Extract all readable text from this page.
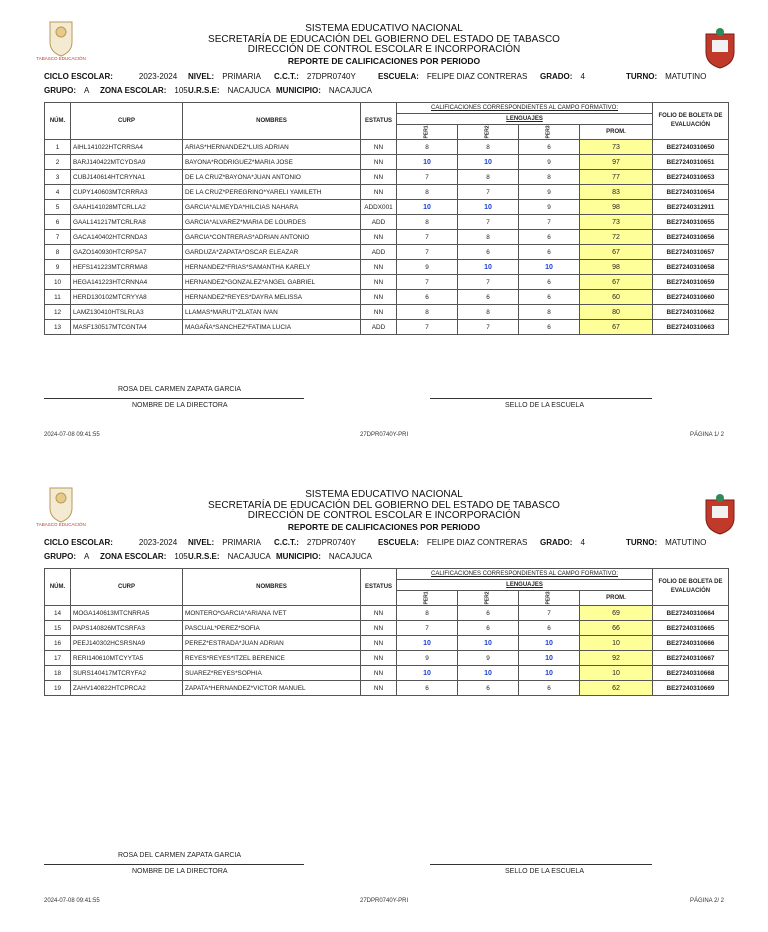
TABASCO EDUCACIÓN
SISTEMA EDUCATIVO NACIONAL
SECRETARÍA DE EDUCACIÓN DEL GOBIERNO DEL ESTADO DE TABASCO
DIRECCIÓN DE CONTROL ESCOLAR E INCORPORACIÓN
REPORTE DE CALIFICACIONES POR PERIODO
CICLO ESCOLAR:	2023-2024 NIVEL: PRIMARIA C.C.T.: 27DPR0740Y	ESCUELA: FELIPE DIAZ CONTRERAS GRADO: 4	TURNO: MATUTINO
GRUPO: A ZONA ESCOLAR: 105 U.R.S.E: NACAJUCA MUNICIPIO: NACAJUCA
NÚM.	CURP	NOMBRES	ESTATUS	CALIFICACIONES CORRESPONDIENTES AL CAMPO FORMATIVO:				FOLIO DE BOLETA DE EVALUACIÓN
				LENGUAJES				
				PER1	PER2	PER3	PROM.	
1	AIHL141022HTCRRSA4	ARIAS*HERNANDEZ*LUIS ADRIAN	NN	8	8	6	73	BE27240310650
2	BARJ140422MTCYDSA9	BAYONA*RODRIGUEZ*MARIA JOSE	NN	10	10	9	97	BE27240310651
3	CUBJ140614HTCRYNA1	DE LA CRUZ*BAYONA*JUAN ANTONIO	NN	7	8	8	77	BE27240310653
4	CUPY140603MTCRRRA3	DE LA CRUZ*PEREGRINO*YARELI YAMILETH	NN	8	7	9	83	BE27240310654
5	GAAH141028MTCRLLA2	GARCIA*ALMEYDA*HILCIAS NAHARA	ADDX001	10	10	9	98	BE27240312911
6	GAAL141217MTCRLRA8	GARCIA*ALVAREZ*MARIA DE LOURDES	ADD	8	7	7	73	BE27240310655
7	GACA140402HTCRNDA3	GARCIA*CONTRERAS*ADRIAN ANTONIO	NN	7	8	6	72	BE27240310656
8	GAZO140930HTCRPSA7	GARDUZA*ZAPATA*OSCAR ELEAZAR	ADD	7	6	6	67	BE27240310657
9	HEFS141223MTCRRMA8	HERNANDEZ*FRIAS*SAMANTHA KARELY	NN	9	10	10	98	BE27240310658
10	HEGA141223HTCRNNA4	HERNANDEZ*GONZALEZ*ANGEL GABRIEL	NN	7	7	6	67	BE27240310659
11	HERD130102MTCRYYA8	HERNANDEZ*REYES*DAYRA MELISSA	NN	6	6	6	60	BE27240310660
12	LAMZ130410HTSLRLA3	LLAMAS*MARUT*ZLATAN IVAN	NN	8	8	8	80	BE27240310662
13	MASF130517MTCGNTA4	MAGAÑA*SANCHEZ*FATIMA LUCIA	ADD	7	7	6	67	BE27240310663
ROSA DEL CARMEN ZAPATA GARCIA
NOMBRE DE LA DIRECTORA	SELLO DE LA ESCUELA
2024-07-08 09:41:55	27DPR0740Y-PRI	PÁGINA 1/ 2
TABASCO EDUCACIÓN
SISTEMA EDUCATIVO NACIONAL
SECRETARÍA DE EDUCACIÓN DEL GOBIERNO DEL ESTADO DE TABASCO
DIRECCIÓN DE CONTROL ESCOLAR E INCORPORACIÓN
REPORTE DE CALIFICACIONES POR PERIODO
CICLO ESCOLAR:	2023-2024 NIVEL: PRIMARIA C.C.T.: 27DPR0740Y	ESCUELA: FELIPE DIAZ CONTRERAS GRADO: 4	TURNO: MATUTINO
GRUPO: A ZONA ESCOLAR: 105 U.R.S.E: NACAJUCA MUNICIPIO: NACAJUCA
NÚM.	CURP	NOMBRES	ESTATUS	CALIFICACIONES CORRESPONDIENTES AL CAMPO FORMATIVO:				FOLIO DE BOLETA DE EVALUACIÓN
				LENGUAJES				
				PER1	PER2	PER3	PROM.	
14	MOGA140613MTCNRRA5	MONTERO*GARCIA*ARIANA IVET	NN	8	6	7	69	BE27240310664
15	PAPS140826MTCSRFA3	PASCUAL*PEREZ*SOFIA	NN	7	6	6	66	BE27240310665
16	PEEJ140302HCSRSNA9	PEREZ*ESTRADA*JUAN ADRIAN	NN	10	10	10	10	BE27240310666
17	RERI140610MTCYYTA5	REYES*REYES*ITZEL BERENICE	NN	9	9	10	92	BE27240310667
18	SURS140417MTCRYFA2	SUAREZ*REYES*SOPHIA	NN	10	10	10	10	BE27240310668
19	ZAHV140822HTCPRCA2	ZAPATA*HERNANDEZ*VICTOR MANUEL	NN	6	6	6	62	BE27240310669
ROSA DEL CARMEN ZAPATA GARCIA
NOMBRE DE LA DIRECTORA	SELLO DE LA ESCUELA
2024-07-08 09:41:55	27DPR0740Y-PRI	PÁGINA 2/ 2
